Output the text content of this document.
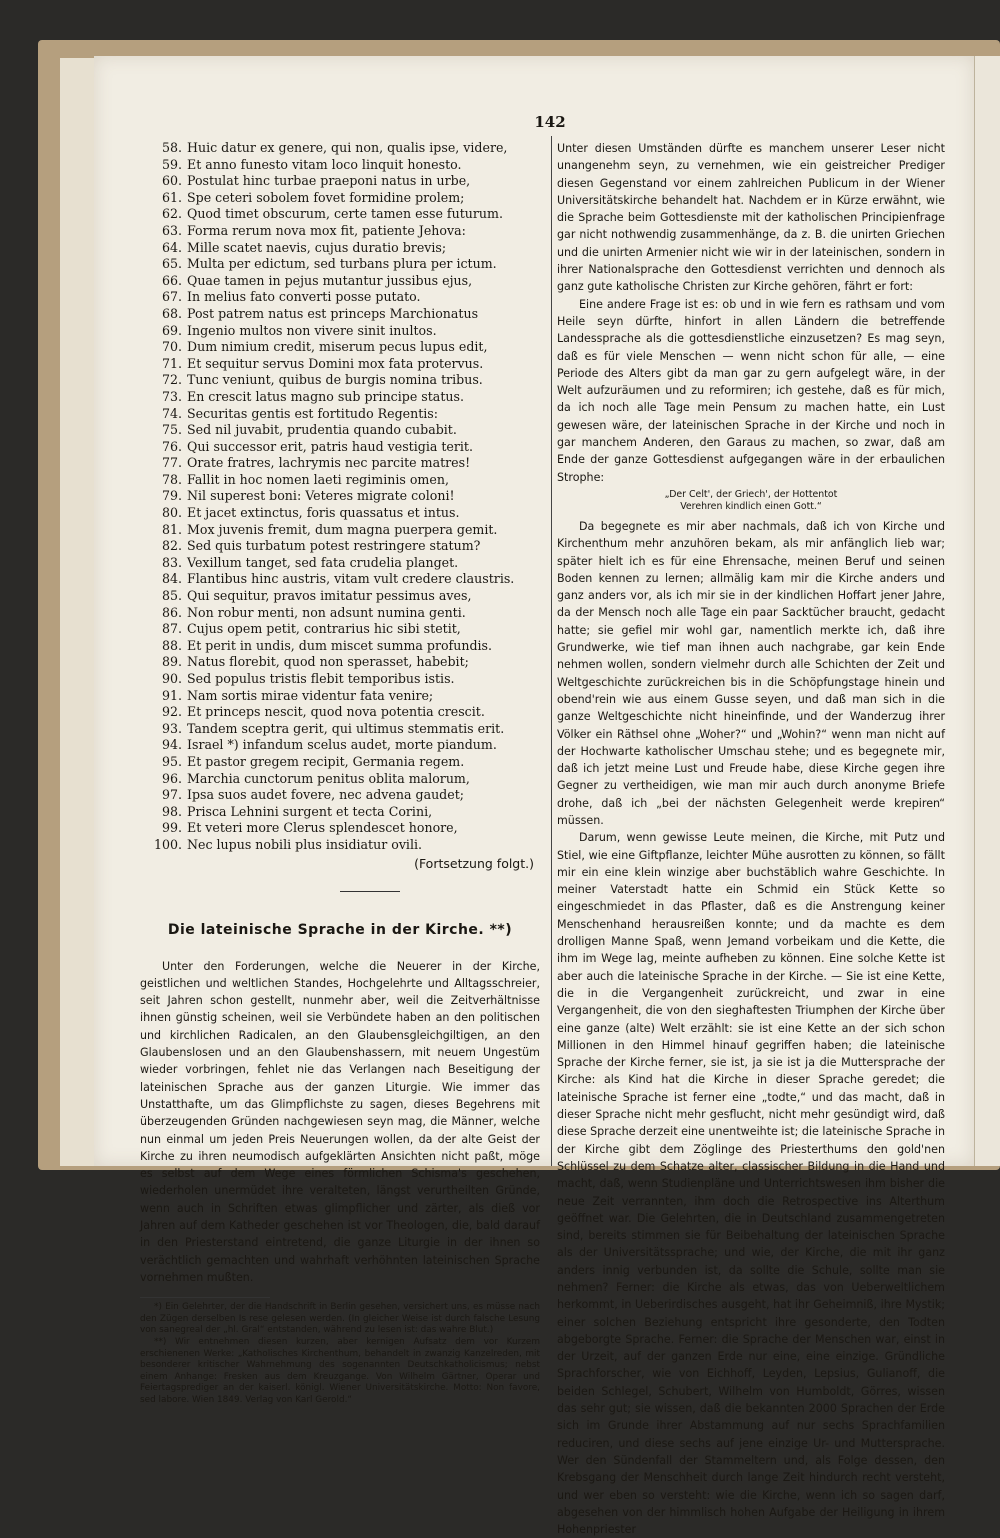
142
58. Huic datur ex genere, qui non, qualis ipse, videre,
59. Et anno funesto vitam loco linquit honesto.
60. Postulat hinc turbae praeponi natus in urbe,
61. Spe ceteri sobolem fovet formidine prolem;
62. Quod timet obscurum, certe tamen esse futurum.
63. Forma rerum nova mox fit, patiente Jehova:
64. Mille scatet naevis, cujus duratio brevis;
65. Multa per edictum, sed turbans plura per ictum.
66. Quae tamen in pejus mutantur jussibus ejus,
67. In melius fato converti posse putato.
68. Post patrem natus est princeps Marchionatus
69. Ingenio multos non vivere sinit inultos.
70. Dum nimium credit, miserum pecus lupus edit,
71. Et sequitur servus Domini mox fata protervus.
72. Tunc veniunt, quibus de burgis nomina tribus.
73. En crescit latus magno sub principe status.
74. Securitas gentis est fortitudo Regentis:
75. Sed nil juvabit, prudentia quando cubabit.
76. Qui successor erit, patris haud vestigia terit.
77. Orate fratres, lachrymis nec parcite matres!
78. Fallit in hoc nomen laeti regiminis omen,
79. Nil superest boni: Veteres migrate coloni!
80. Et jacet extinctus, foris quassatus et intus.
81. Mox juvenis fremit, dum magna puerpera gemit.
82. Sed quis turbatum potest restringere statum?
83. Vexillum tanget, sed fata crudelia planget.
84. Flantibus hinc austris, vitam vult credere claustris.
85. Qui sequitur, pravos imitatur pessimus aves,
86. Non robur menti, non adsunt numina genti.
87. Cujus opem petit, contrarius hic sibi stetit,
88. Et perit in undis, dum miscet summa profundis.
89. Natus florebit, quod non sperasset, habebit;
90. Sed populus tristis flebit temporibus istis.
91. Nam sortis mirae videntur fata venire;
92. Et princeps nescit, quod nova potentia crescit.
93. Tandem sceptra gerit, qui ultimus stemmatis erit.
94. Israel *) infandum scelus audet, morte piandum.
95. Et pastor gregem recipit, Germania regem.
96. Marchia cunctorum penitus oblita malorum,
97. Ipsa suos audet fovere, nec advena gaudet;
98. Prisca Lehnini surgent et tecta Corini,
99. Et veteri more Clerus splendescet honore,
100. Nec lupus nobili plus insidiatur ovili.
(Fortsetzung folgt.)
Die lateinische Sprache in der Kirche. **)

Unter den Forderungen, welche die Neuerer in der Kirche, geistlichen und weltlichen Standes, Hochgelehrte und Alltagsschreier, seit Jahren schon gestellt, nunmehr aber, weil die Zeitverhältnisse ihnen günstig scheinen, weil sie Verbündete haben an den politischen und kirchlichen Radicalen, an den Glaubensgleichgiltigen, an den Glaubenslosen und an den Glaubenshassern, mit neuem Ungestüm wieder vorbringen, fehlet nie das Verlangen nach Beseitigung der lateinischen Sprache aus der ganzen Liturgie. Wie immer das Unstatthafte, um das Glimpflichste zu sagen, dieses Begehrens mit überzeugenden Gründen nachgewiesen seyn mag, die Männer, welche nun einmal um jeden Preis Neuerungen wollen, da der alte Geist der Kirche zu ihren neumodisch aufgeklärten Ansichten nicht paßt, möge es selbst auf dem Wege eines förmlichen Schisma's geschehen, wiederholen unermüdet ihre veralteten, längst verurtheilten Gründe, wenn auch in Schriften etwas glimpflicher und zärter, als dieß vor Jahren auf dem Katheder geschehen ist vor Theologen, die, bald darauf in den Priesterstand eintretend, die ganze Liturgie in der ihnen so verächtlich gemachten und wahrhaft verhöhnten lateinischen Sprache vornehmen mußten.

*) Ein Gelehrter, der die Handschrift in Berlin gesehen, versichert uns, es müsse nach den Zügen derselben Is rese gelesen werden. (In gleicher Weise ist durch falsche Lesung von sanegreal der „hl. Gral“ entstanden, während zu lesen ist: das wahre Blut.)

**) Wir entnehmen diesen kurzen, aber kernigen Aufsatz dem vor Kurzem erschienenen Werke: „Katholisches Kirchenthum, behandelt in zwanzig Kanzelreden, mit besonderer kritischer Wahrnehmung des sogenannten Deutschkatholicismus; nebst einem Anhange: Fresken aus dem Kreuzgange. Von Wilhelm Gärtner, Operar und Feiertagsprediger an der kaiserl. königl. Wiener Universitätskirche. Motto: Non favore, sed labore. Wien 1849. Verlag von Karl Gerold.“

Unter diesen Umständen dürfte es manchem unserer Leser nicht unangenehm seyn, zu vernehmen, wie ein geistreicher Prediger diesen Gegenstand vor einem zahlreichen Publicum in der Wiener Universitätskirche behandelt hat. Nachdem er in Kürze erwähnt, wie die Sprache beim Gottesdienste mit der katholischen Principienfrage gar nicht nothwendig zusammenhänge, da z. B. die unirten Griechen und die unirten Armenier nicht wie wir in der lateinischen, sondern in ihrer Nationalsprache den Gottesdienst verrichten und dennoch als ganz gute katholische Christen zur Kirche gehören, fährt er fort:

Eine andere Frage ist es: ob und in wie fern es rathsam und vom Heile seyn dürfte, hinfort in allen Ländern die betreffende Landessprache als die gottesdienstliche einzusetzen? Es mag seyn, daß es für viele Menschen — wenn nicht schon für alle, — eine Periode des Alters gibt da man gar zu gern aufgelegt wäre, in der Welt aufzuräumen und zu reformiren; ich gestehe, daß es für mich, da ich noch alle Tage mein Pensum zu machen hatte, ein Lust gewesen wäre, der lateinischen Sprache in der Kirche und noch in gar manchem Anderen, den Garaus zu machen, so zwar, daß am Ende der ganze Gottesdienst aufgegangen wäre in der erbaulichen Strophe:

„Der Celt', der Griech', der Hottentot
Verehren kindlich einen Gott.“

Da begegnete es mir aber nachmals, daß ich von Kirche und Kirchenthum mehr anzuhören bekam, als mir anfänglich lieb war; später hielt ich es für eine Ehrensache, meinen Beruf und seinen Boden kennen zu lernen; allmälig kam mir die Kirche anders und ganz anders vor, als ich mir sie in der kindlichen Hoffart jener Jahre, da der Mensch noch alle Tage ein paar Sacktücher braucht, gedacht hatte; sie gefiel mir wohl gar, namentlich merkte ich, daß ihre Grundwerke, wie tief man ihnen auch nachgrabe, gar kein Ende nehmen wollen, sondern vielmehr durch alle Schichten der Zeit und Weltgeschichte zurückreichen bis in die Schöpfungstage hinein und obend'rein wie aus einem Gusse seyen, und daß man sich in die ganze Weltgeschichte nicht hineinfinde, und der Wanderzug ihrer Völker ein Räthsel ohne „Woher?“ und „Wohin?“ wenn man nicht auf der Hochwarte katholischer Umschau stehe; und es begegnete mir, daß ich jetzt meine Lust und Freude habe, diese Kirche gegen ihre Gegner zu vertheidigen, wie man mir auch durch anonyme Briefe drohe, daß ich „bei der nächsten Gelegenheit werde krepiren“ müssen.

Darum, wenn gewisse Leute meinen, die Kirche, mit Putz und Stiel, wie eine Giftpflanze, leichter Mühe ausrotten zu können, so fällt mir ein eine klein winzige aber buchstäblich wahre Geschichte. In meiner Vaterstadt hatte ein Schmid ein Stück Kette so eingeschmiedet in das Pflaster, daß es die Anstrengung keiner Menschenhand herausreißen konnte; und da machte es dem drolligen Manne Spaß, wenn Jemand vorbeikam und die Kette, die ihm im Wege lag, meinte aufheben zu können. Eine solche Kette ist aber auch die lateinische Sprache in der Kirche. — Sie ist eine Kette, die in die Vergangenheit zurückreicht, und zwar in eine Vergangenheit, die von den sieghaftesten Triumphen der Kirche über eine ganze (alte) Welt erzählt: sie ist eine Kette an der sich schon Millionen in den Himmel hinauf gegriffen haben; die lateinische Sprache der Kirche ferner, sie ist, ja sie ist ja die Muttersprache der Kirche: als Kind hat die Kirche in dieser Sprache geredet; die lateinische Sprache ist ferner eine „todte,“ und das macht, daß in dieser Sprache nicht mehr gesflucht, nicht mehr gesündigt wird, daß diese Sprache derzeit eine unentweihte ist; die lateinische Sprache in der Kirche gibt dem Zöglinge des Priesterthums den gold'nen Schlüssel zu dem Schatze alter, classischer Bildung in die Hand und macht, daß, wenn Studienpläne und Unterrichtswesen ihm bisher die neue Zeit verrannten, ihm doch die Retrospective ins Alterthum geöffnet war. Die Gelehrten, die in Deutschland zusammengetreten sind, bereits stimmen sie für Beibehaltung der lateinischen Sprache als der Universitätssprache; und wie, der Kirche, die mit ihr ganz anders innig verbunden ist, da sollte die Schule, sollte man sie nehmen? Ferner: die Kirche als etwas, das von Ueberweltlichem herkommt, in Ueberirdisches ausgeht, hat ihr Geheimniß, ihre Mystik; einer solchen Beziehung entspricht ihre gesonderte, den Todten abgeborgte Sprache. Ferner: die Sprache der Menschen war, einst in der Urzeit, auf der ganzen Erde nur eine, eine einzige. Gründliche Sprachforscher, wie von Eichhoff, Leyden, Lepsius, Gulianoff, die beiden Schlegel, Schubert, Wilhelm von Humboldt, Görres, wissen das sehr gut; sie wissen, daß die bekannten 2000 Sprachen der Erde sich im Grunde ihrer Abstammung auf nur sechs Sprachfamilien reduciren, und diese sechs auf jene einzige Ur- und Muttersprache. Wer den Sündenfall der Stammeltern und, als Folge dessen, den Krebsgang der Menschheit durch lange Zeit hindurch recht versteht, und wer eben so versteht: wie die Kirche, wenn ich so sagen darf, abgesehen von der himmlisch hohen Aufgabe der Heiligung in ihrem Hohenpriester
